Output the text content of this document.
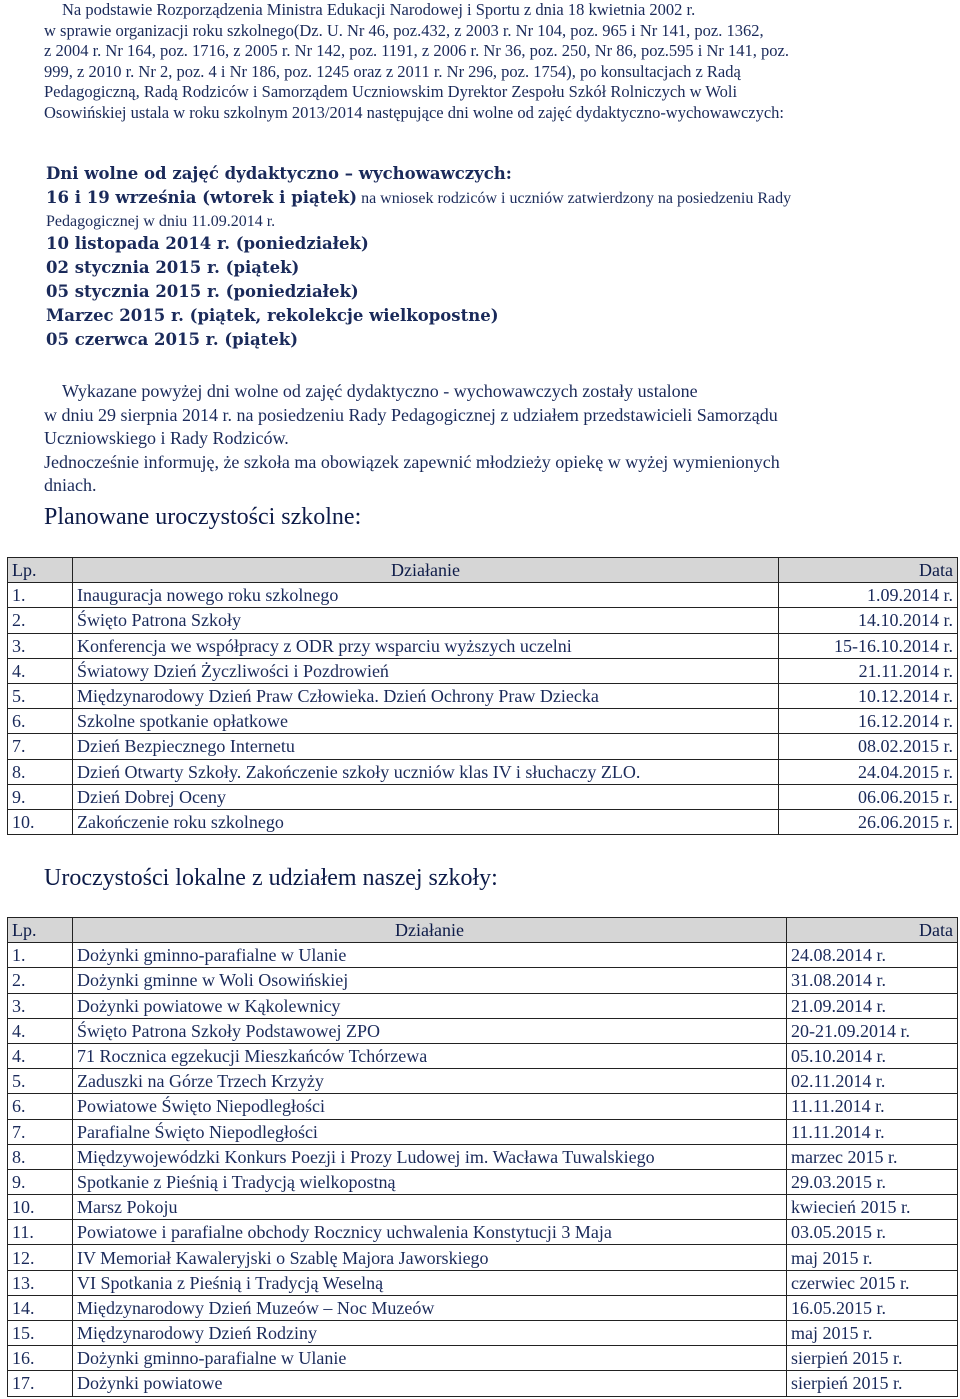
Na podstawie Rozporządzenia Ministra Edukacji Narodowej i Sportu z dnia 18 kwietnia 2002 r.

w sprawie organizacji roku szkolnego(Dz. U. Nr 46, poz.432, z 2003 r. Nr 104, poz. 965 i Nr 141, poz. 1362,

z 2004 r. Nr 164, poz. 1716, z 2005 r. Nr 142, poz. 1191, z 2006 r. Nr 36, poz. 250, Nr 86, poz.595 i Nr 141, poz.

999, z 2010 r. Nr 2, poz. 4 i Nr 186, poz. 1245 oraz z 2011 r. Nr 296, poz. 1754), po konsultacjach z Radą

Pedagogiczną, Radą Rodziców i Samorządem Uczniowskim Dyrektor Zespołu Szkół Rolniczych w Woli

Osowińskiej ustala w roku szkolnym 2013/2014 następujące dni wolne od zajęć dydaktyczno-wychowawczych:

Dni wolne od zajęć dydaktyczno – wychowawczych:
16 i 19 września (wtorek i piątek) na wniosek rodziców i uczniów zatwierdzony na posiedzeniu Rady
Pedagogicznej w dniu 11.09.2014 r.
10 listopada 2014 r. (poniedziałek)
02 stycznia 2015 r. (piątek)
05 stycznia 2015 r. (poniedziałek)
Marzec 2015 r. (piątek, rekolekcje wielkopostne)
05 czerwca 2015 r. (piątek)

Wykazane powyżej dni wolne od zajęć dydaktyczno - wychowawczych zostały ustalone

w dniu 29 sierpnia 2014 r. na posiedzeniu Rady Pedagogicznej z udziałem przedstawicieli Samorządu

Uczniowskiego i Rady Rodziców.

Jednocześnie informuję, że szkoła ma obowiązek zapewnić młodzieży opiekę w wyżej wymienionych

dniach.

Planowane uroczystości szkolne:
Lp.	Działanie	Data
1.	Inauguracja nowego roku szkolnego	1.09.2014 r.
2.	Święto Patrona Szkoły	14.10.2014 r.
3.	Konferencja we współpracy z ODR przy wsparciu wyższych uczelni	15-16.10.2014 r.
4.	Światowy Dzień Życzliwości i Pozdrowień	21.11.2014 r.
5.	Międzynarodowy Dzień Praw Człowieka. Dzień Ochrony Praw Dziecka	10.12.2014 r.
6.	Szkolne spotkanie opłatkowe	16.12.2014 r.
7.	Dzień Bezpiecznego Internetu	08.02.2015 r.
8.	Dzień Otwarty Szkoły. Zakończenie szkoły uczniów klas IV i słuchaczy ZLO.	24.04.2015 r.
9.	Dzień Dobrej Oceny	06.06.2015 r.
10.	Zakończenie roku szkolnego	26.06.2015 r.
Uroczystości lokalne z udziałem naszej szkoły:
Lp.	Działanie	Data
1.	Dożynki gminno-parafialne w Ulanie	24.08.2014 r.
2.	Dożynki gminne w Woli Osowińskiej	31.08.2014 r.
3.	Dożynki powiatowe w Kąkolewnicy	21.09.2014 r.
4.	Święto Patrona Szkoły Podstawowej ZPO	20-21.09.2014 r.
4.	71 Rocznica egzekucji Mieszkańców Tchórzewa	05.10.2014 r.
5.	Zaduszki na Górze Trzech Krzyży	02.11.2014 r.
6.	Powiatowe Święto Niepodległości	11.11.2014 r.
7.	Parafialne Święto Niepodległości	11.11.2014 r.
8.	Międzywojewódzki Konkurs Poezji i Prozy Ludowej im. Wacława Tuwalskiego	marzec 2015 r.
9.	Spotkanie z Pieśnią i Tradycją wielkopostną	29.03.2015 r.
10.	Marsz Pokoju	kwiecień 2015 r.
11.	Powiatowe i parafialne obchody Rocznicy uchwalenia Konstytucji 3 Maja	03.05.2015 r.
12.	IV Memoriał Kawaleryjski o Szablę Majora Jaworskiego	maj 2015 r.
13.	VI Spotkania z Pieśnią i Tradycją Weselną	czerwiec 2015 r.
14.	Międzynarodowy Dzień Muzeów – Noc Muzeów	16.05.2015 r.
15.	Międzynarodowy Dzień Rodziny	maj 2015 r.
16.	Dożynki gminno-parafialne w Ulanie	sierpień 2015 r.
17.	Dożynki powiatowe	sierpień 2015 r.
